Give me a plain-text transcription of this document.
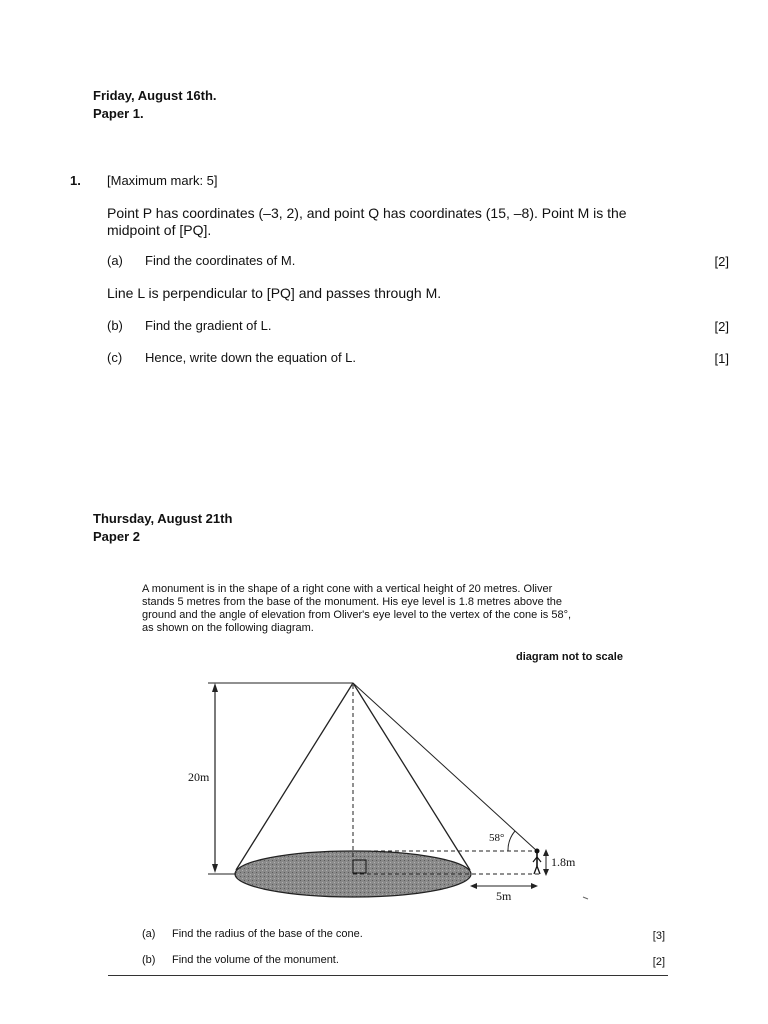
Friday, August 16th.
Paper 1.
1. [Maximum mark: 5]
Point P has coordinates (–3, 2), and point Q has coordinates (15, –8). Point M is the
midpoint of [PQ].
(a) Find the coordinates of M.	[2]
Line L is perpendicular to [PQ] and passes through M.
(b) Find the gradient of L.	[2]
(c) Hence, write down the equation of L.	[1]
Thursday, August 21th
Paper 2
A monument is in the shape of a right cone with a vertical height of 20 metres. Oliver
stands 5 metres from the base of the monument. His eye level is 1.8 metres above the
ground and the angle of elevation from Oliver's eye level to the vertex of the cone is 58°,
as shown on the following diagram.
diagram not to scale
20m
58°
1.8m
5m
(a) Find the radius of the base of the cone.	[3]
(b) Find the volume of the monument.	[2]
